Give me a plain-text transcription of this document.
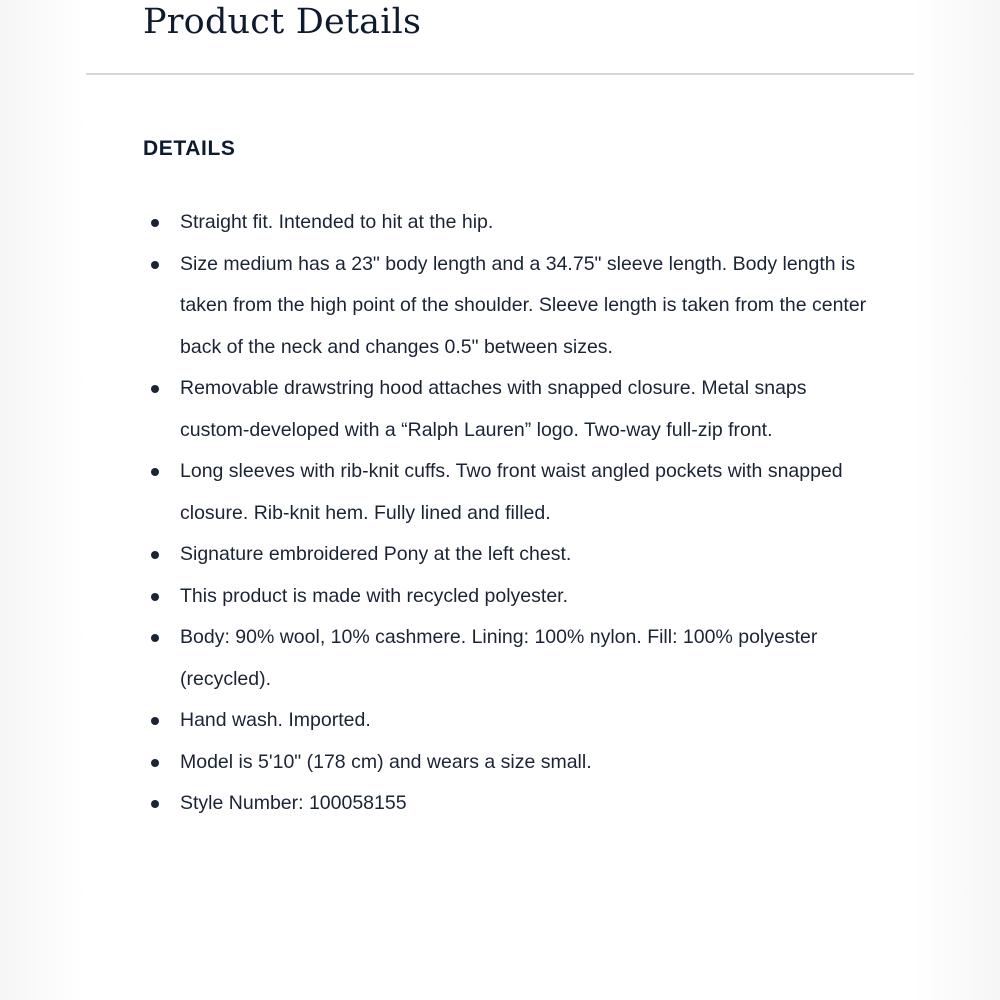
Product Details
DETAILS
Straight fit. Intended to hit at the hip.
Size medium has a 23" body length and a 34.75" sleeve length. Body length is taken from the high point of the shoulder. Sleeve length is taken from the center back of the neck and changes 0.5" between sizes.
Removable drawstring hood attaches with snapped closure. Metal snaps custom-developed with a “Ralph Lauren” logo. Two-way full-zip front.
Long sleeves with rib-knit cuffs. Two front waist angled pockets with snapped closure. Rib-knit hem. Fully lined and filled.
Signature embroidered Pony at the left chest.
This product is made with recycled polyester.
Body: 90% wool, 10% cashmere. Lining: 100% nylon. Fill: 100% polyester (recycled).
Hand wash. Imported.
Model is 5'10" (178 cm) and wears a size small.
Style Number: 100058155
